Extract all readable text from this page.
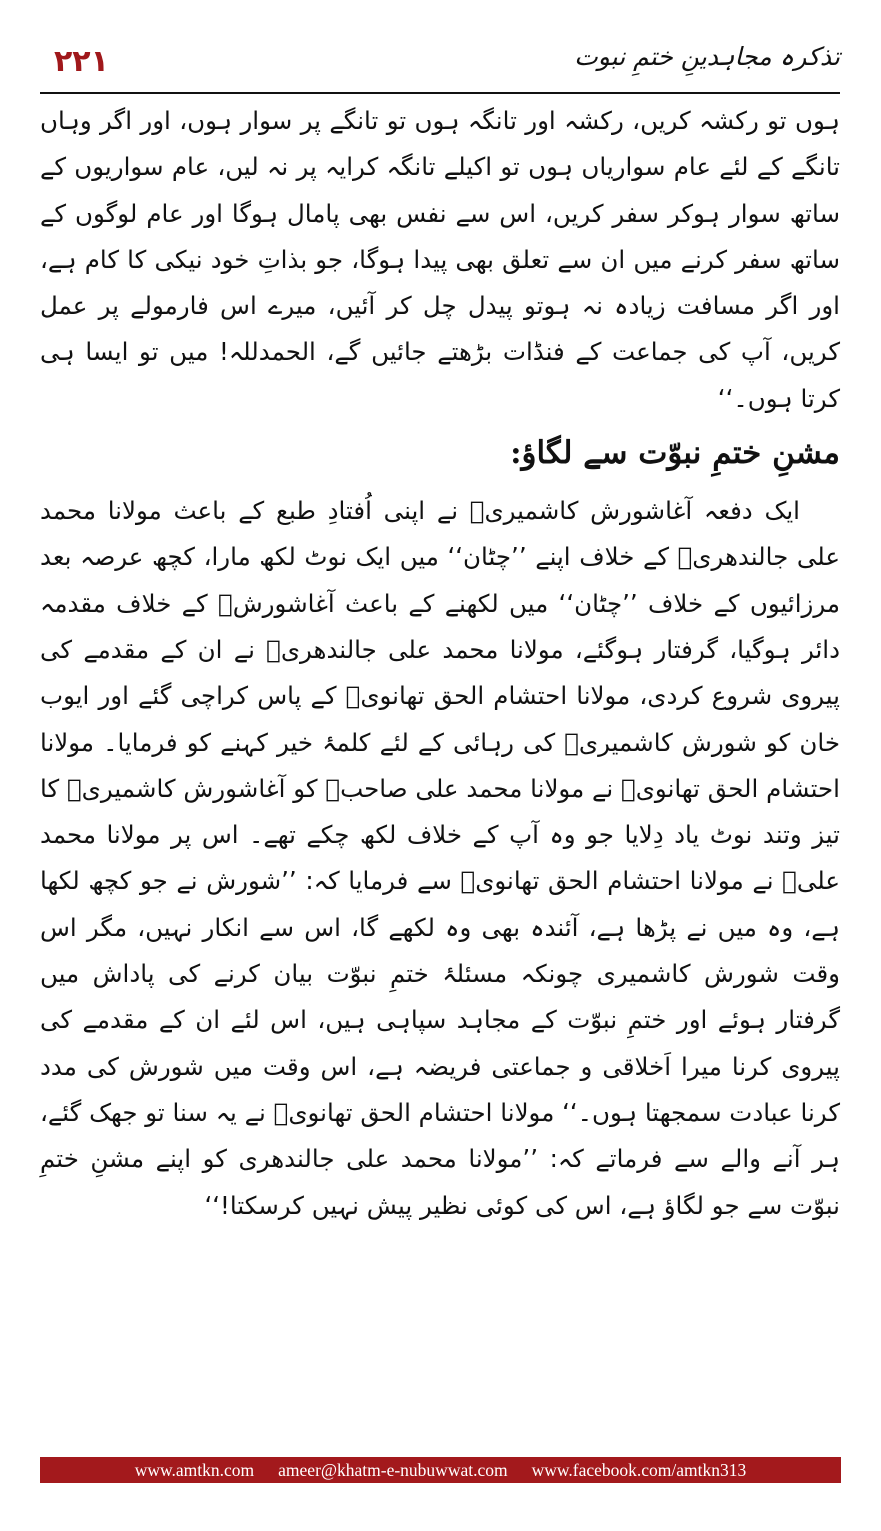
۲۲۱	تذکرہ مجاہدینِ ختمِ نبوت

ہوں تو رکشہ کریں، رکشہ اور تانگہ ہوں تو تانگے پر سوار ہوں، اور اگر وہاں تانگے کے لئے عام سواریاں ہوں تو اکیلے تانگہ کرایہ پر نہ لیں، عام سواریوں کے ساتھ سوار ہوکر سفر کریں، اس سے نفس بھی پامال ہوگا اور عام لوگوں کے ساتھ سفر کرنے میں ان سے تعلق بھی پیدا ہوگا، جو بذاتِ خود نیکی کا کام ہے، اور اگر مسافت زیادہ نہ ہوتو پیدل چل کر آئیں، میرے اس فارمولے پر عمل کریں، آپ کی جماعت کے فنڈات بڑھتے جائیں گے، الحمدللہ! میں تو ایسا ہی کرتا ہوں۔‘‘

مشنِ ختمِ نبوّت سے لگاؤ:

ایک دفعہ آغاشورش کاشمیریؒ نے اپنی اُفتادِ طبع کے باعث مولانا محمد علی جالندھریؒ کے خلاف اپنے ’’چٹان‘‘ میں ایک نوٹ لکھ مارا، کچھ عرصہ بعد مرزائیوں کے خلاف ’’چٹان‘‘ میں لکھنے کے باعث آغاشورشؒ کے خلاف مقدمہ دائر ہوگیا، گرفتار ہوگئے، مولانا محمد علی جالندھریؒ نے ان کے مقدمے کی پیروی شروع کردی، مولانا احتشام الحق تھانویؒ کے پاس کراچی گئے اور ایوب خان کو شورش کاشمیریؒ کی رہائی کے لئے کلمۂ خیر کہنے کو فرمایا۔ مولانا احتشام الحق تھانویؒ نے مولانا محمد علی صاحبؒ کو آغاشورش کاشمیریؒ کا تیز وتند نوٹ یاد دِلایا جو وہ آپ کے خلاف لکھ چکے تھے۔ اس پر مولانا محمد علیؒ نے مولانا احتشام الحق تھانویؒ سے فرمایا کہ: ’’شورش نے جو کچھ لکھا ہے، وہ میں نے پڑھا ہے، آئندہ بھی وہ لکھے گا، اس سے انکار نہیں، مگر اس وقت شورش کاشمیری چونکہ مسئلۂ ختمِ نبوّت بیان کرنے کی پاداش میں گرفتار ہوئے اور ختمِ نبوّت کے مجاہد سپاہی ہیں، اس لئے ان کے مقدمے کی پیروی کرنا میرا اَخلاقی و جماعتی فریضہ ہے، اس وقت میں شورش کی مدد کرنا عبادت سمجھتا ہوں۔‘‘ مولانا احتشام الحق تھانویؒ نے یہ سنا تو جھک گئے، ہر آنے والے سے فرماتے کہ: ’’مولانا محمد علی جالندھری کو اپنے مشنِ ختمِ نبوّت سے جو لگاؤ ہے، اس کی کوئی نظیر پیش نہیں کرسکتا!‘‘

www.amtkn.com ameer@khatm-e-nubuwwat.com www.facebook.com/amtkn313
